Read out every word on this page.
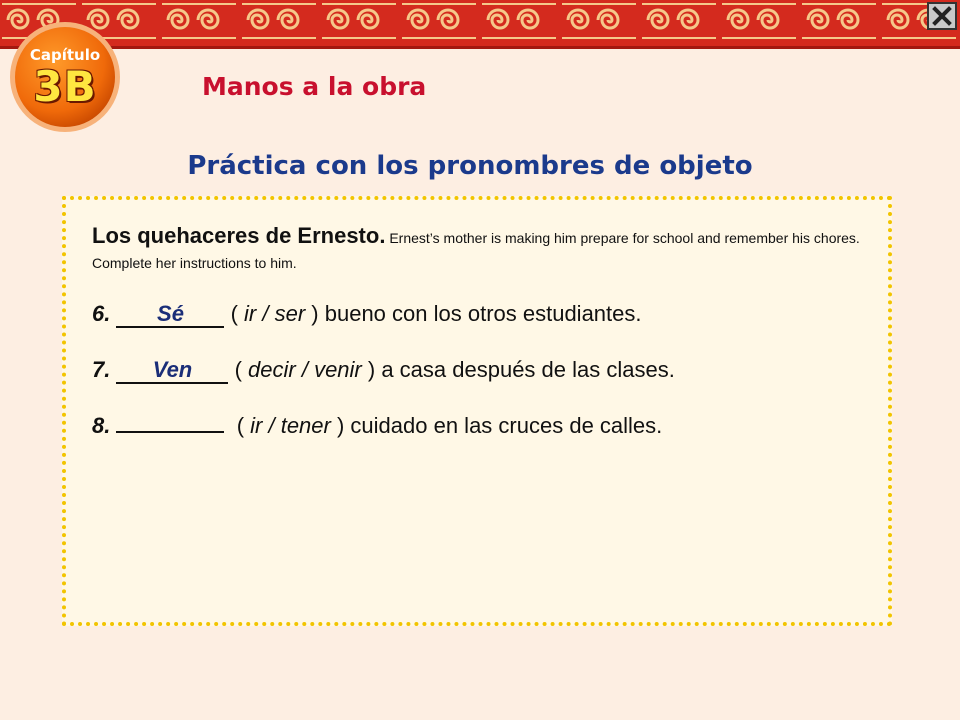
Capítulo
3B	Manos a la obra
Práctica con los pronombres de objeto
Los quehaceres de Ernesto. Ernest’s mother is making him prepare for school and remember his chores. Complete her instructions to him.
6. Sé ( ir / ser ) bueno con los otros estudiantes.
7. Ven ( decir / venir ) a casa después de las clases.
8.	( ir / tener ) cuidado en las cruces de calles.
